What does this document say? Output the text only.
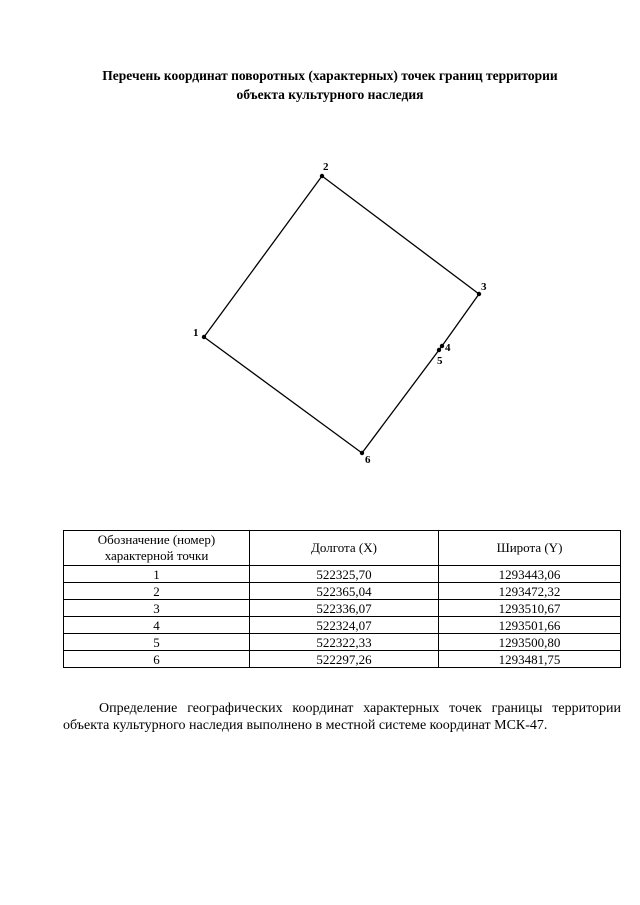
Перечень координат поворотных (характерных) точек границ территории
объекта культурного наследия
1
2
3
4
5
6
Обозначение (номер) характерной точки	Долгота (X)	Широта (Y)
1	522325,70	1293443,06
2	522365,04	1293472,32
3	522336,07	1293510,67
4	522324,07	1293501,66
5	522322,33	1293500,80
6	522297,26	1293481,75

Определение географических координат характерных точек границы территории объекта культурного наследия выполнено в местной системе координат МСК-47.
